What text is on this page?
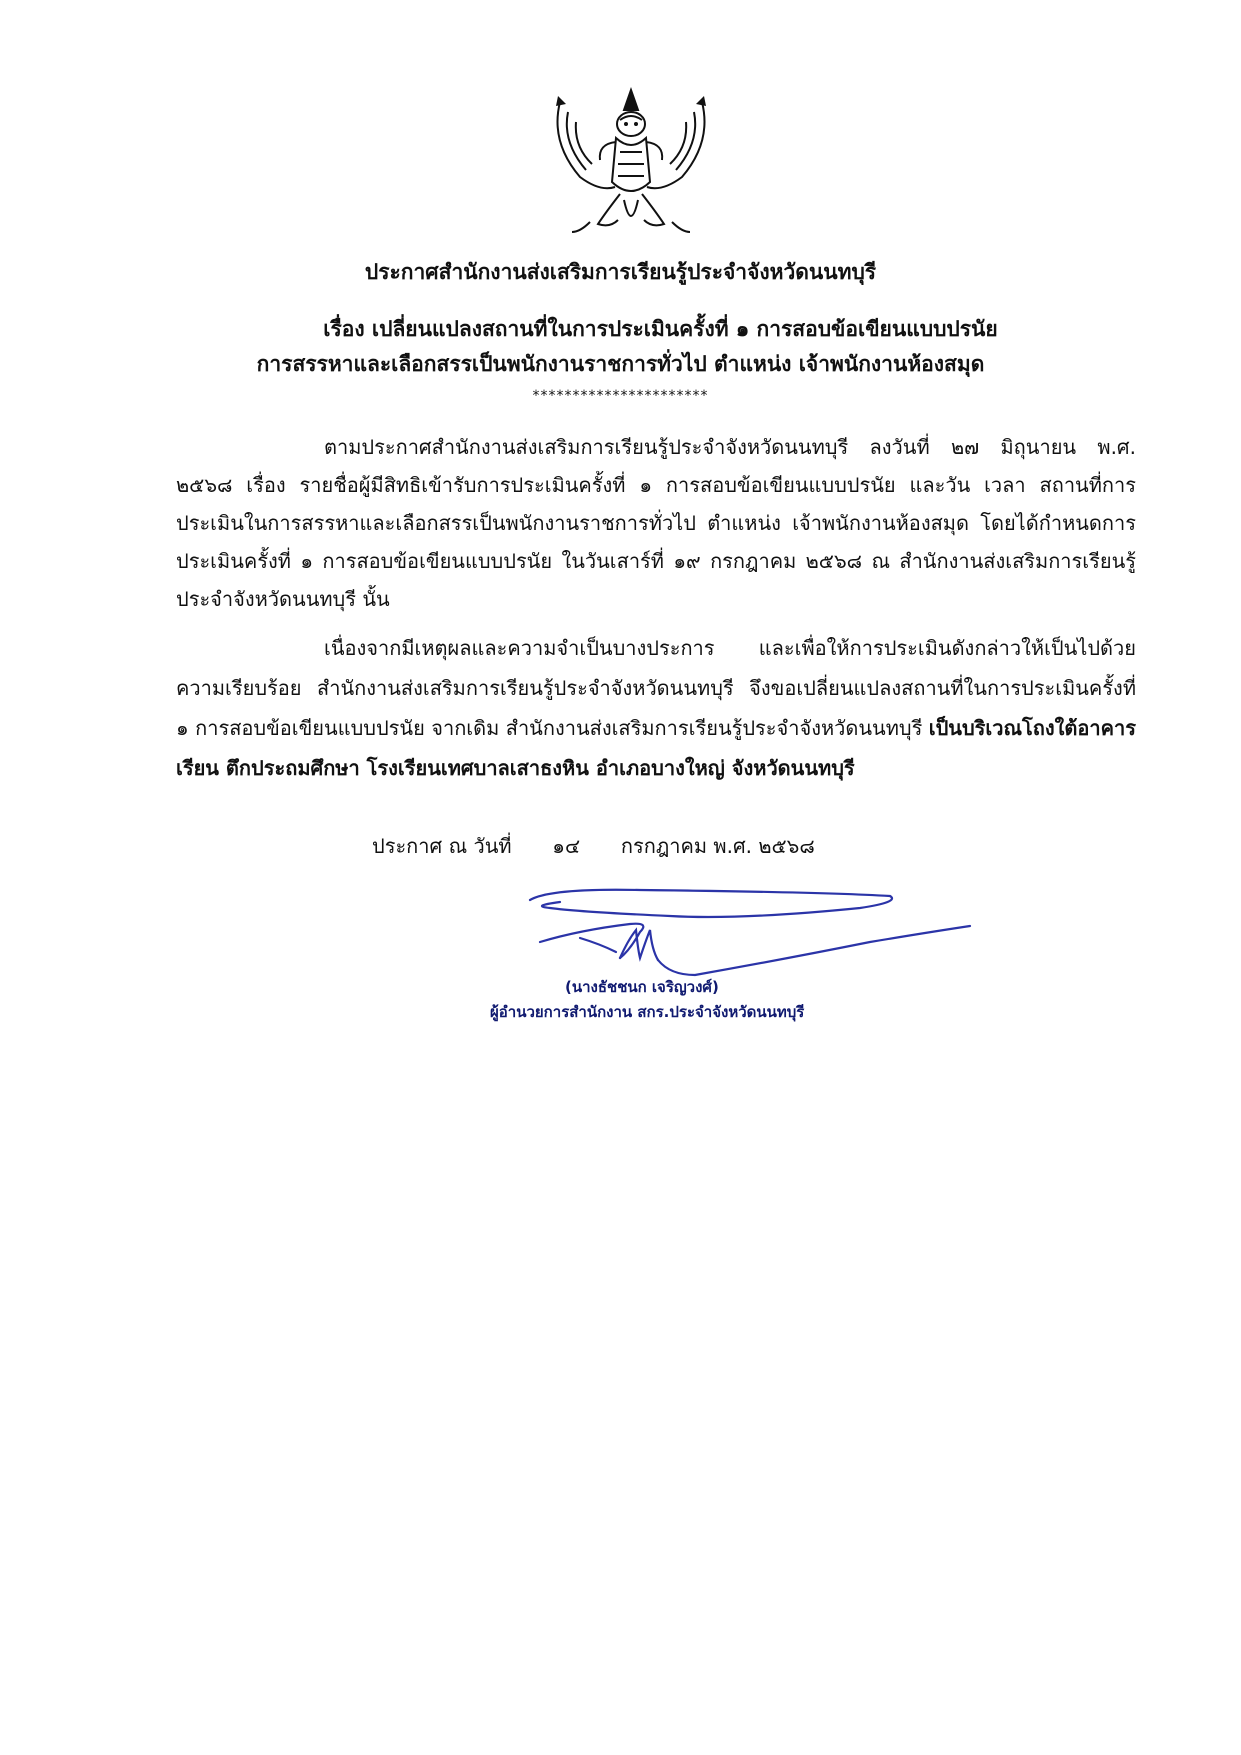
ประกาศสำนักงานส่งเสริมการเรียนรู้ประจำจังหวัดนนทบุรี
เรื่อง เปลี่ยนแปลงสถานที่ในการประเมินครั้งที่ ๑ การสอบข้อเขียนแบบปรนัย
การสรรหาและเลือกสรรเป็นพนักงานราชการทั่วไป ตำแหน่ง เจ้าพนักงานห้องสมุด
**********************
ตามประกาศสำนักงานส่งเสริมการเรียนรู้ประจำจังหวัดนนทบุรี ลงวันที่ ๒๗ มิถุนายน พ.ศ. ๒๕๖๘ เรื่อง รายชื่อผู้มีสิทธิเข้ารับการประเมินครั้งที่ ๑ การสอบข้อเขียนแบบปรนัย และวัน เวลา สถานที่การประเมินในการสรรหาและเลือกสรรเป็นพนักงานราชการทั่วไป ตำแหน่ง เจ้าพนักงานห้องสมุด โดยได้กำหนดการประเมินครั้งที่ ๑ การสอบข้อเขียนแบบปรนัย ในวันเสาร์ที่ ๑๙ กรกฎาคม ๒๕๖๘ ณ สำนักงานส่งเสริมการเรียนรู้ประจำจังหวัดนนทบุรี นั้น
เนื่องจากมีเหตุผลและความจำเป็นบางประการ และเพื่อให้การประเมินดังกล่าวให้เป็นไปด้วยความเรียบร้อย สำนักงานส่งเสริมการเรียนรู้ประจำจังหวัดนนทบุรี จึงขอเปลี่ยนแปลงสถานที่ในการประเมินครั้งที่ ๑ การสอบข้อเขียนแบบปรนัย จากเดิม สำนักงานส่งเสริมการเรียนรู้ประจำจังหวัดนนทบุรี เป็นบริเวณโถงใต้อาคารเรียน ตึกประถมศึกษา โรงเรียนเทศบาลเสาธงหิน อำเภอบางใหญ่ จังหวัดนนทบุรี
ประกาศ ณ วันที่ ๑๔ กรกฎาคม พ.ศ. ๒๕๖๘
(นางธัชชนก เจริญวงศ์)
ผู้อำนวยการสำนักงาน สกร.ประจำจังหวัดนนทบุรี
